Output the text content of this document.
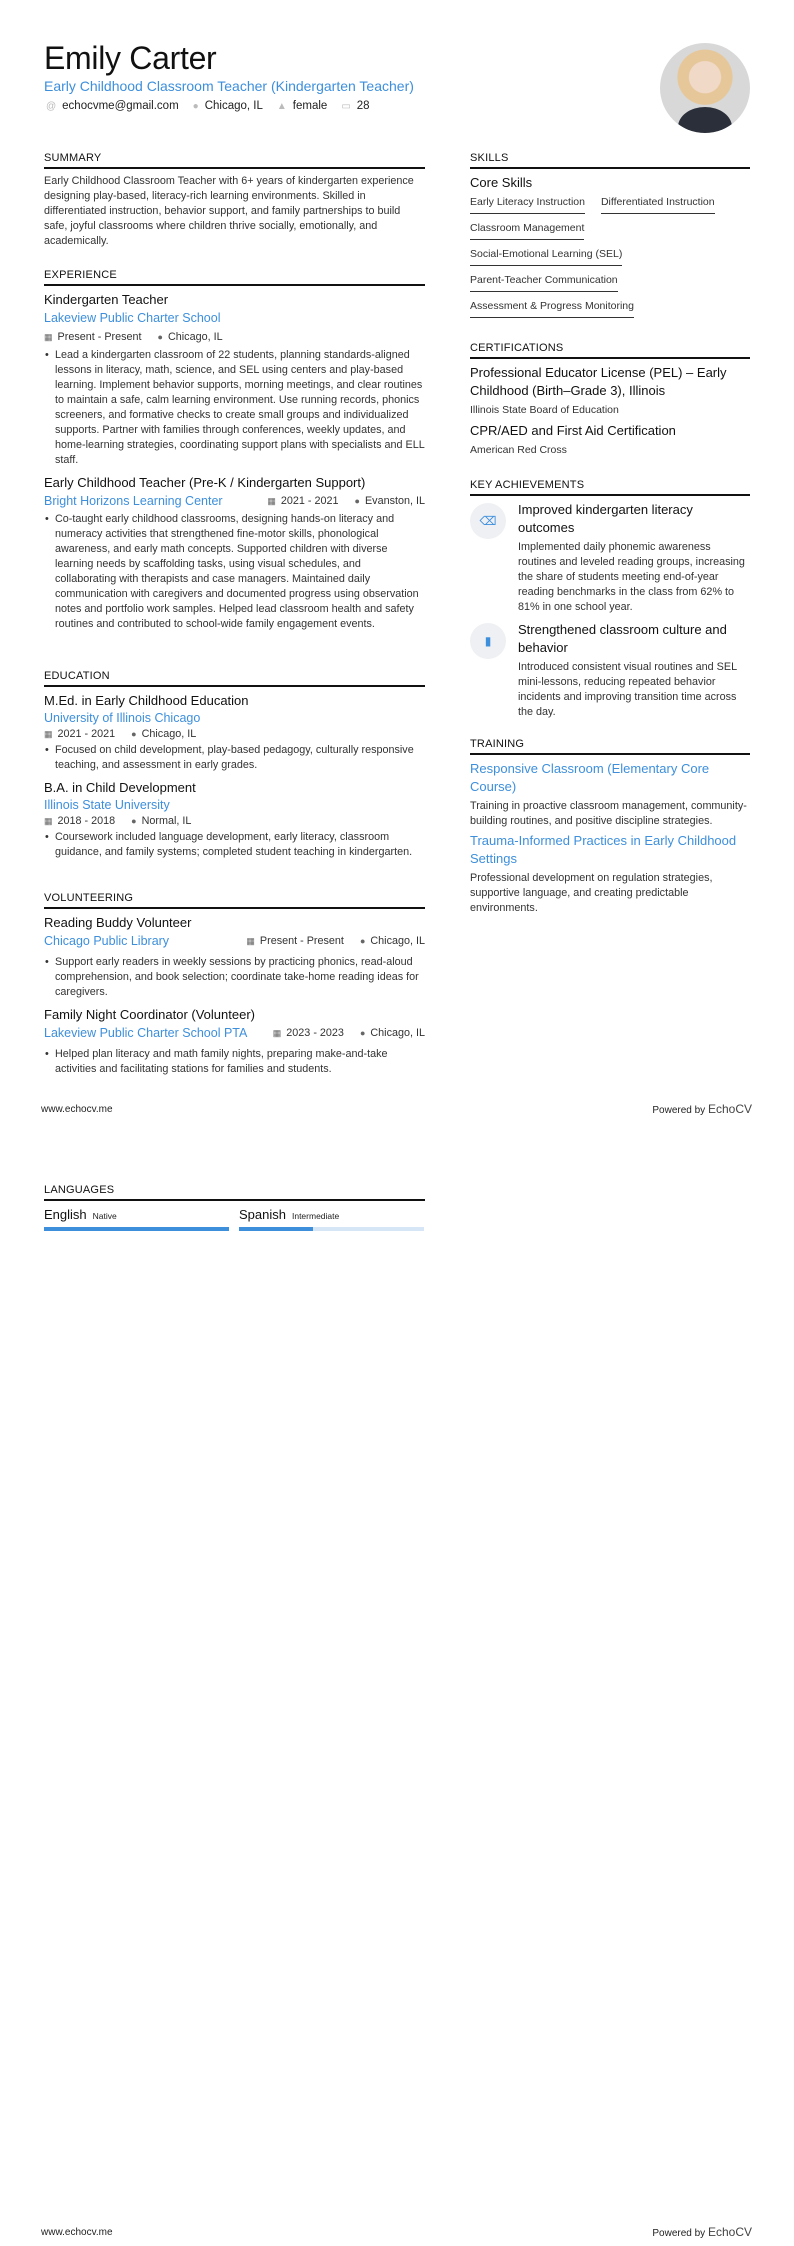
Emily Carter
Early Childhood Classroom Teacher (Kindergarten Teacher)
@ echocvme@gmail.com ● Chicago, IL ▲ female ▭ 28
SUMMARY
Early Childhood Classroom Teacher with 6+ years of kindergarten experience designing play-based, literacy-rich learning environments. Skilled in differentiated instruction, behavior support, and family partnerships to build safe, joyful classrooms where children thrive socially, emotionally, and academically.
EXPERIENCE
Kindergarten Teacher
Lakeview Public Charter School
▦ Present - Present ● Chicago, IL
• Lead a kindergarten classroom of 22 students, planning standards-aligned lessons in literacy, math, science, and SEL using centers and play-based learning. Implement behavior supports, morning meetings, and clear routines to maintain a safe, calm learning environment. Use running records, phonics screeners, and formative checks to create small groups and individualized supports. Partner with families through conferences, weekly updates, and home-learning strategies, coordinating support plans with specialists and ELL staff.
Early Childhood Teacher (Pre-K / Kindergarten Support)
Bright Horizons Learning Center	▦ 2021 - 2021 ● Evanston, IL
• Co-taught early childhood classrooms, designing hands-on literacy and numeracy activities that strengthened fine-motor skills, phonological awareness, and early math concepts. Supported children with diverse learning needs by scaffolding tasks, using visual schedules, and collaborating with therapists and case managers. Maintained daily communication with caregivers and documented progress using observation notes and portfolio work samples. Helped lead classroom health and safety routines and contributed to school-wide family engagement events.
EDUCATION
M.Ed. in Early Childhood Education
University of Illinois Chicago
▦ 2021 - 2021 ● Chicago, IL
• Focused on child development, play-based pedagogy, culturally responsive teaching, and assessment in early grades.
B.A. in Child Development
Illinois State University
▦ 2018 - 2018 ● Normal, IL
• Coursework included language development, early literacy, classroom guidance, and family systems; completed student teaching in kindergarten.
VOLUNTEERING
Reading Buddy Volunteer
Chicago Public Library	▦ Present - Present ● Chicago, IL
• Support early readers in weekly sessions by practicing phonics, read-aloud comprehension, and book selection; coordinate take-home reading ideas for caregivers.
Family Night Coordinator (Volunteer)
Lakeview Public Charter School PTA	▦ 2023 - 2023 ● Chicago, IL
• Helped plan literacy and math family nights, preparing make-and-take activities and facilitating stations for families and students.
SKILLS
Core Skills
Early Literacy Instruction Differentiated Instruction
Classroom Management
Social-Emotional Learning (SEL)
Parent-Teacher Communication
Assessment & Progress Monitoring
CERTIFICATIONS
Professional Educator License (PEL) – Early Childhood (Birth–Grade 3), Illinois
Illinois State Board of Education
CPR/AED and First Aid Certification
American Red Cross
KEY ACHIEVEMENTS
⌫
Improved kindergarten literacy outcomes
Implemented daily phonemic awareness routines and leveled reading groups, increasing the share of students meeting end-of-year reading benchmarks in the class from 62% to 81% in one school year.
▮
Strengthened classroom culture and behavior
Introduced consistent visual routines and SEL mini-lessons, reducing repeated behavior incidents and improving transition time across the day.
TRAINING
Responsive Classroom (Elementary Core Course)
Training in proactive classroom management, community-building routines, and positive discipline strategies.
Trauma-Informed Practices in Early Childhood Settings
Professional development on regulation strategies, supportive language, and creating predictable environments.
www.echocv.me	Powered by EchoCV
LANGUAGES
English Native	Spanish Intermediate
www.echocv.me	Powered by EchoCV
